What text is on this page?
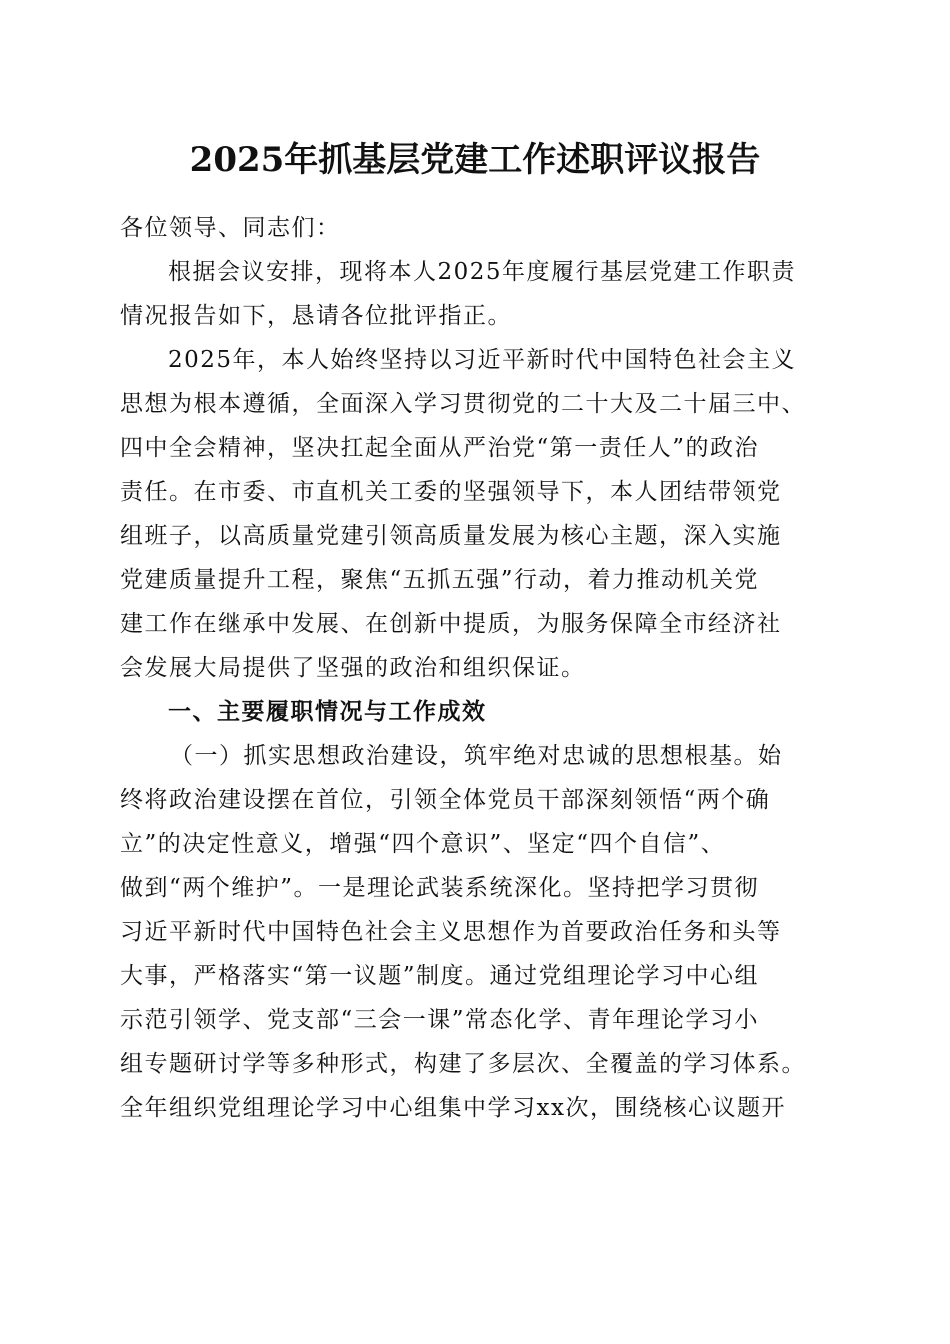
2025年抓基层党建工作述职评议报告
各位领导、同志们：
根据会议安排，现将本人2025年度履行基层党建工作职责
情况报告如下，恳请各位批评指正。
2025年，本人始终坚持以习近平新时代中国特色社会主义
思想为根本遵循，全面深入学习贯彻党的二十大及二十届三中、
四中全会精神，坚决扛起全面从严治党“第一责任人”的政治
责任。在市委、市直机关工委的坚强领导下，本人团结带领党
组班子，以高质量党建引领高质量发展为核心主题，深入实施
党建质量提升工程，聚焦“五抓五强”行动，着力推动机关党
建工作在继承中发展、在创新中提质，为服务保障全市经济社
会发展大局提供了坚强的政治和组织保证。
一、主要履职情况与工作成效
（一）抓实思想政治建设，筑牢绝对忠诚的思想根基。始
终将政治建设摆在首位，引领全体党员干部深刻领悟“两个确
立”的决定性意义，增强“四个意识”、坚定“四个自信”、
做到“两个维护”。一是理论武装系统深化。坚持把学习贯彻
习近平新时代中国特色社会主义思想作为首要政治任务和头等
大事，严格落实“第一议题”制度。通过党组理论学习中心组
示范引领学、党支部“三会一课”常态化学、青年理论学习小
组专题研讨学等多种形式，构建了多层次、全覆盖的学习体系。
全年组织党组理论学习中心组集中学习xx次，围绕核心议题开
